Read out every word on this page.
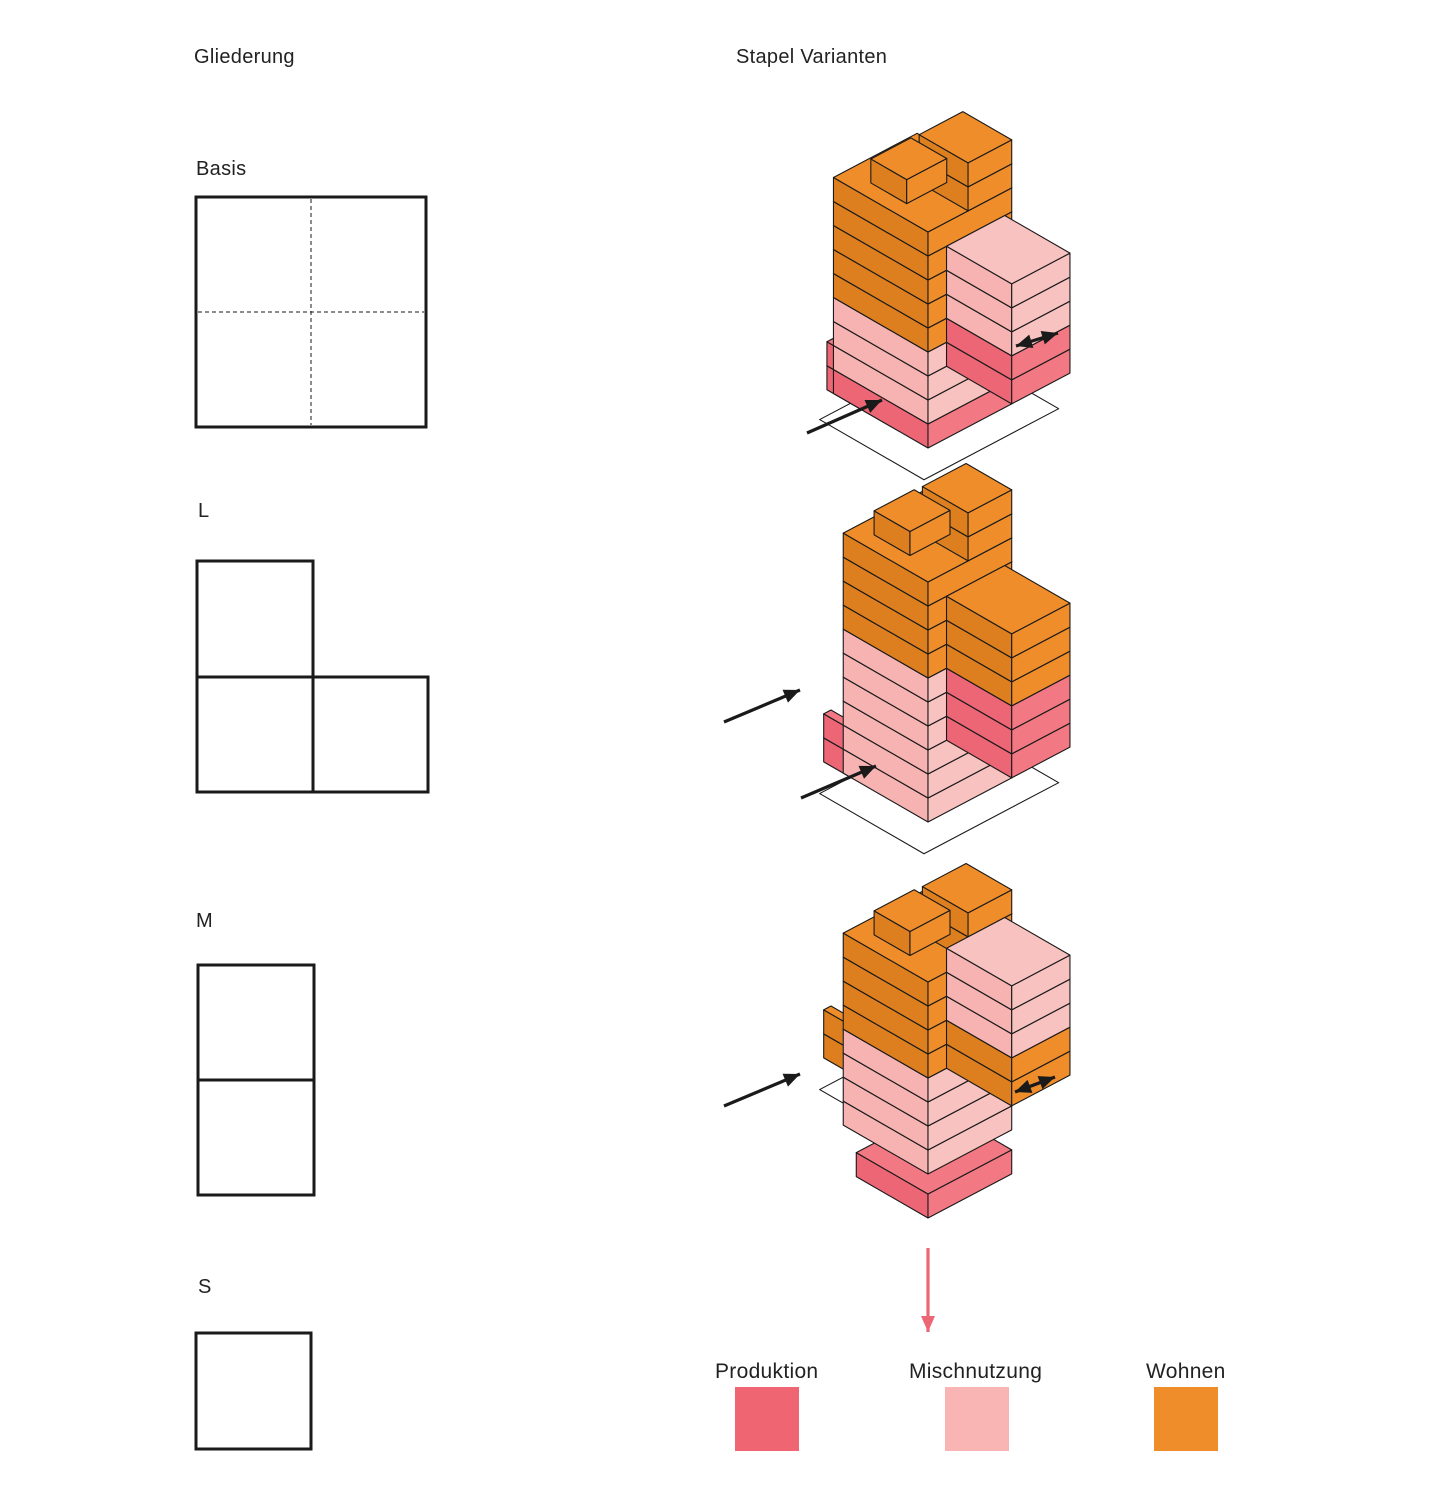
Gliederung	Stapel Varianten
Basis
L
M
S
Produktion	Mischnutzung	Wohnen
